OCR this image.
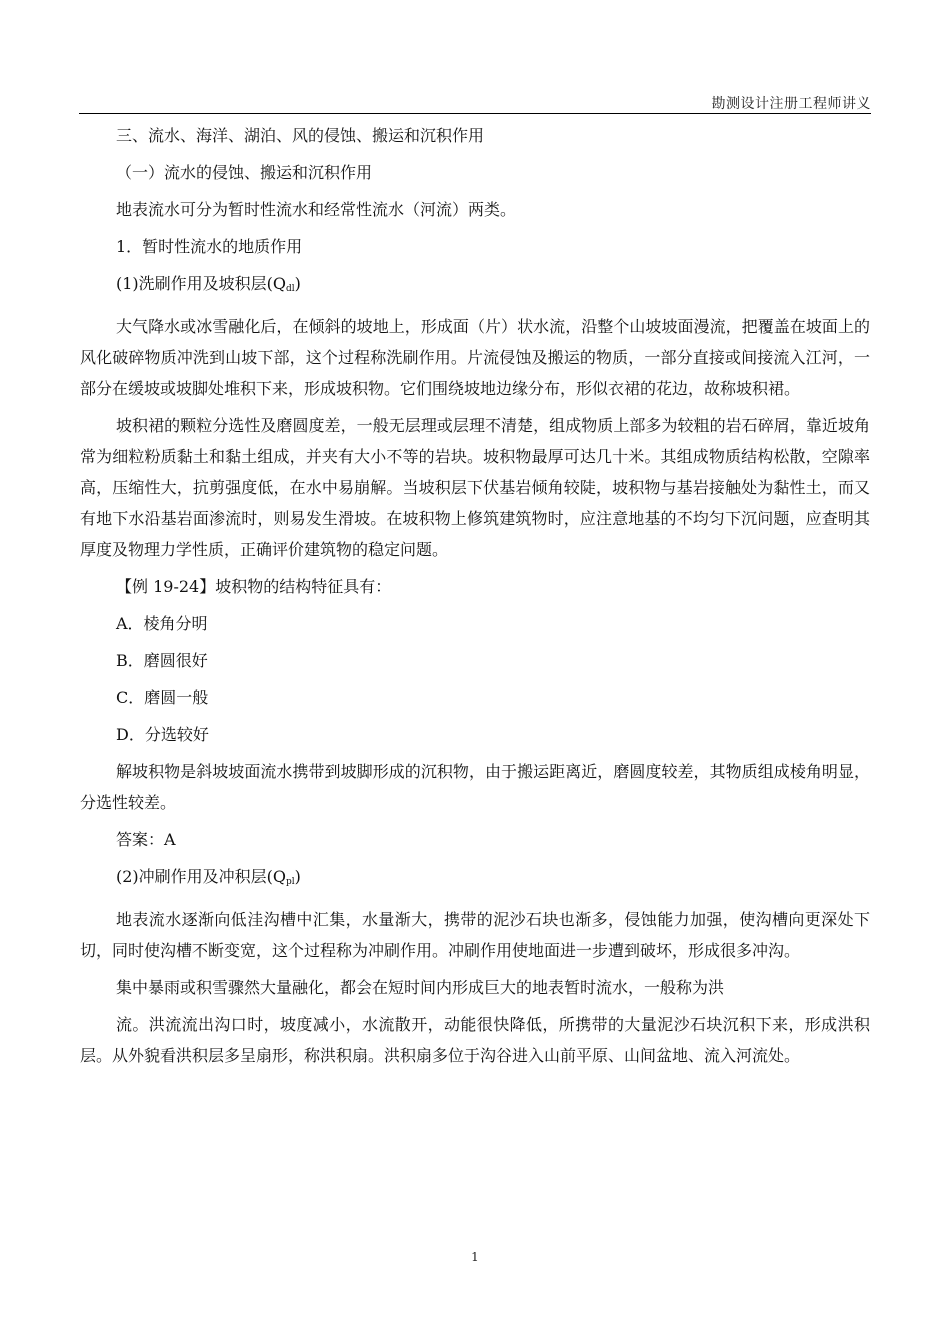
勘测设计注册工程师讲义

三、流水、海洋、湖泊、风的侵蚀、搬运和沉积作用

（一）流水的侵蚀、搬运和沉积作用

地表流水可分为暂时性流水和经常性流水（河流）两类。

1．暂时性流水的地质作用

(1)洗刷作用及坡积层$(Q_{dl})$

大气降水或冰雪融化后，在倾斜的坡地上，形成面（片）状水流，沿整个山坡坡面漫流，把覆盖在坡面上的风化破碎物质冲洗到山坡下部，这个过程称洗刷作用。片流侵蚀及搬运的物质，一部分直接或间接流入江河，一部分在缓坡或坡脚处堆积下来，形成坡积物。它们围绕坡地边缘分布，形似衣裙的花边，故称坡积裙。

坡积裙的颗粒分选性及磨圆度差，一般无层理或层理不清楚，组成物质上部多为较粗的岩石碎屑，靠近坡角常为细粒粉质黏土和黏土组成，并夹有大小不等的岩块。坡积物最厚可达几十米。其组成物质结构松散，空隙率高，压缩性大，抗剪强度低，在水中易崩解。当坡积层下伏基岩倾角较陡，坡积物与基岩接触处为黏性土，而又有地下水沿基岩面渗流时，则易发生滑坡。在坡积物上修筑建筑物时，应注意地基的不均匀下沉问题，应查明其厚度及物理力学性质，正确评价建筑物的稳定问题。

【例 19-24】坡积物的结构特征具有：

A．棱角分明

B．磨圆很好

C．磨圆一般

D．分选较好

解坡积物是斜坡坡面流水携带到坡脚形成的沉积物，由于搬运距离近，磨圆度较差，其物质组成棱角明显，分选性较差。

答案：A

(2)冲刷作用及冲积层$(Q_{pl})$

地表流水逐渐向低洼沟槽中汇集，水量渐大，携带的泥沙石块也渐多，侵蚀能力加强，使沟槽向更深处下切，同时使沟槽不断变宽，这个过程称为冲刷作用。冲刷作用使地面进一步遭到破坏，形成很多冲沟。

集中暴雨或积雪骤然大量融化，都会在短时间内形成巨大的地表暂时流水，一般称为洪

流。洪流流出沟口时，坡度减小，水流散开，动能很快降低，所携带的大量泥沙石块沉积下来，形成洪积层。从外貌看洪积层多呈扇形，称洪积扇。洪积扇多位于沟谷进入山前平原、山间盆地、流入河流处。

1
